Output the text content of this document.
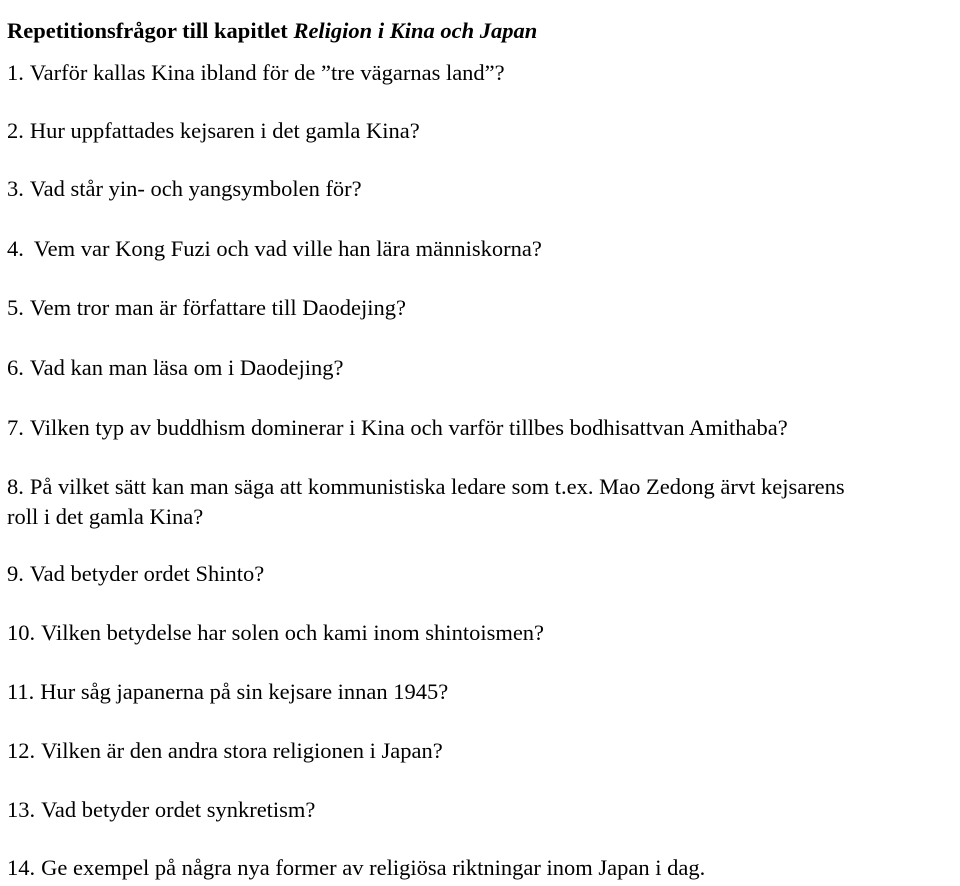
Repetitionsfrågor till kapitlet Religion i Kina och Japan
1. Varför kallas Kina ibland för de ”tre vägarnas land”?
2. Hur uppfattades kejsaren i det gamla Kina?
3. Vad står yin- och yangsymbolen för?
4. Vem var Kong Fuzi och vad ville han lära människorna?
5. Vem tror man är författare till Daodejing?
6. Vad kan man läsa om i Daodejing?
7. Vilken typ av buddhism dominerar i Kina och varför tillbes bodhisattvan Amithaba?
8. På vilket sätt kan man säga att kommunistiska ledare som t.ex. Mao Zedong ärvt kejsarens
roll i det gamla Kina?
9. Vad betyder ordet Shinto?
10. Vilken betydelse har solen och kami inom shintoismen?
11. Hur såg japanerna på sin kejsare innan 1945?
12. Vilken är den andra stora religionen i Japan?
13. Vad betyder ordet synkretism?
14. Ge exempel på några nya former av religiösa riktningar inom Japan i dag.
